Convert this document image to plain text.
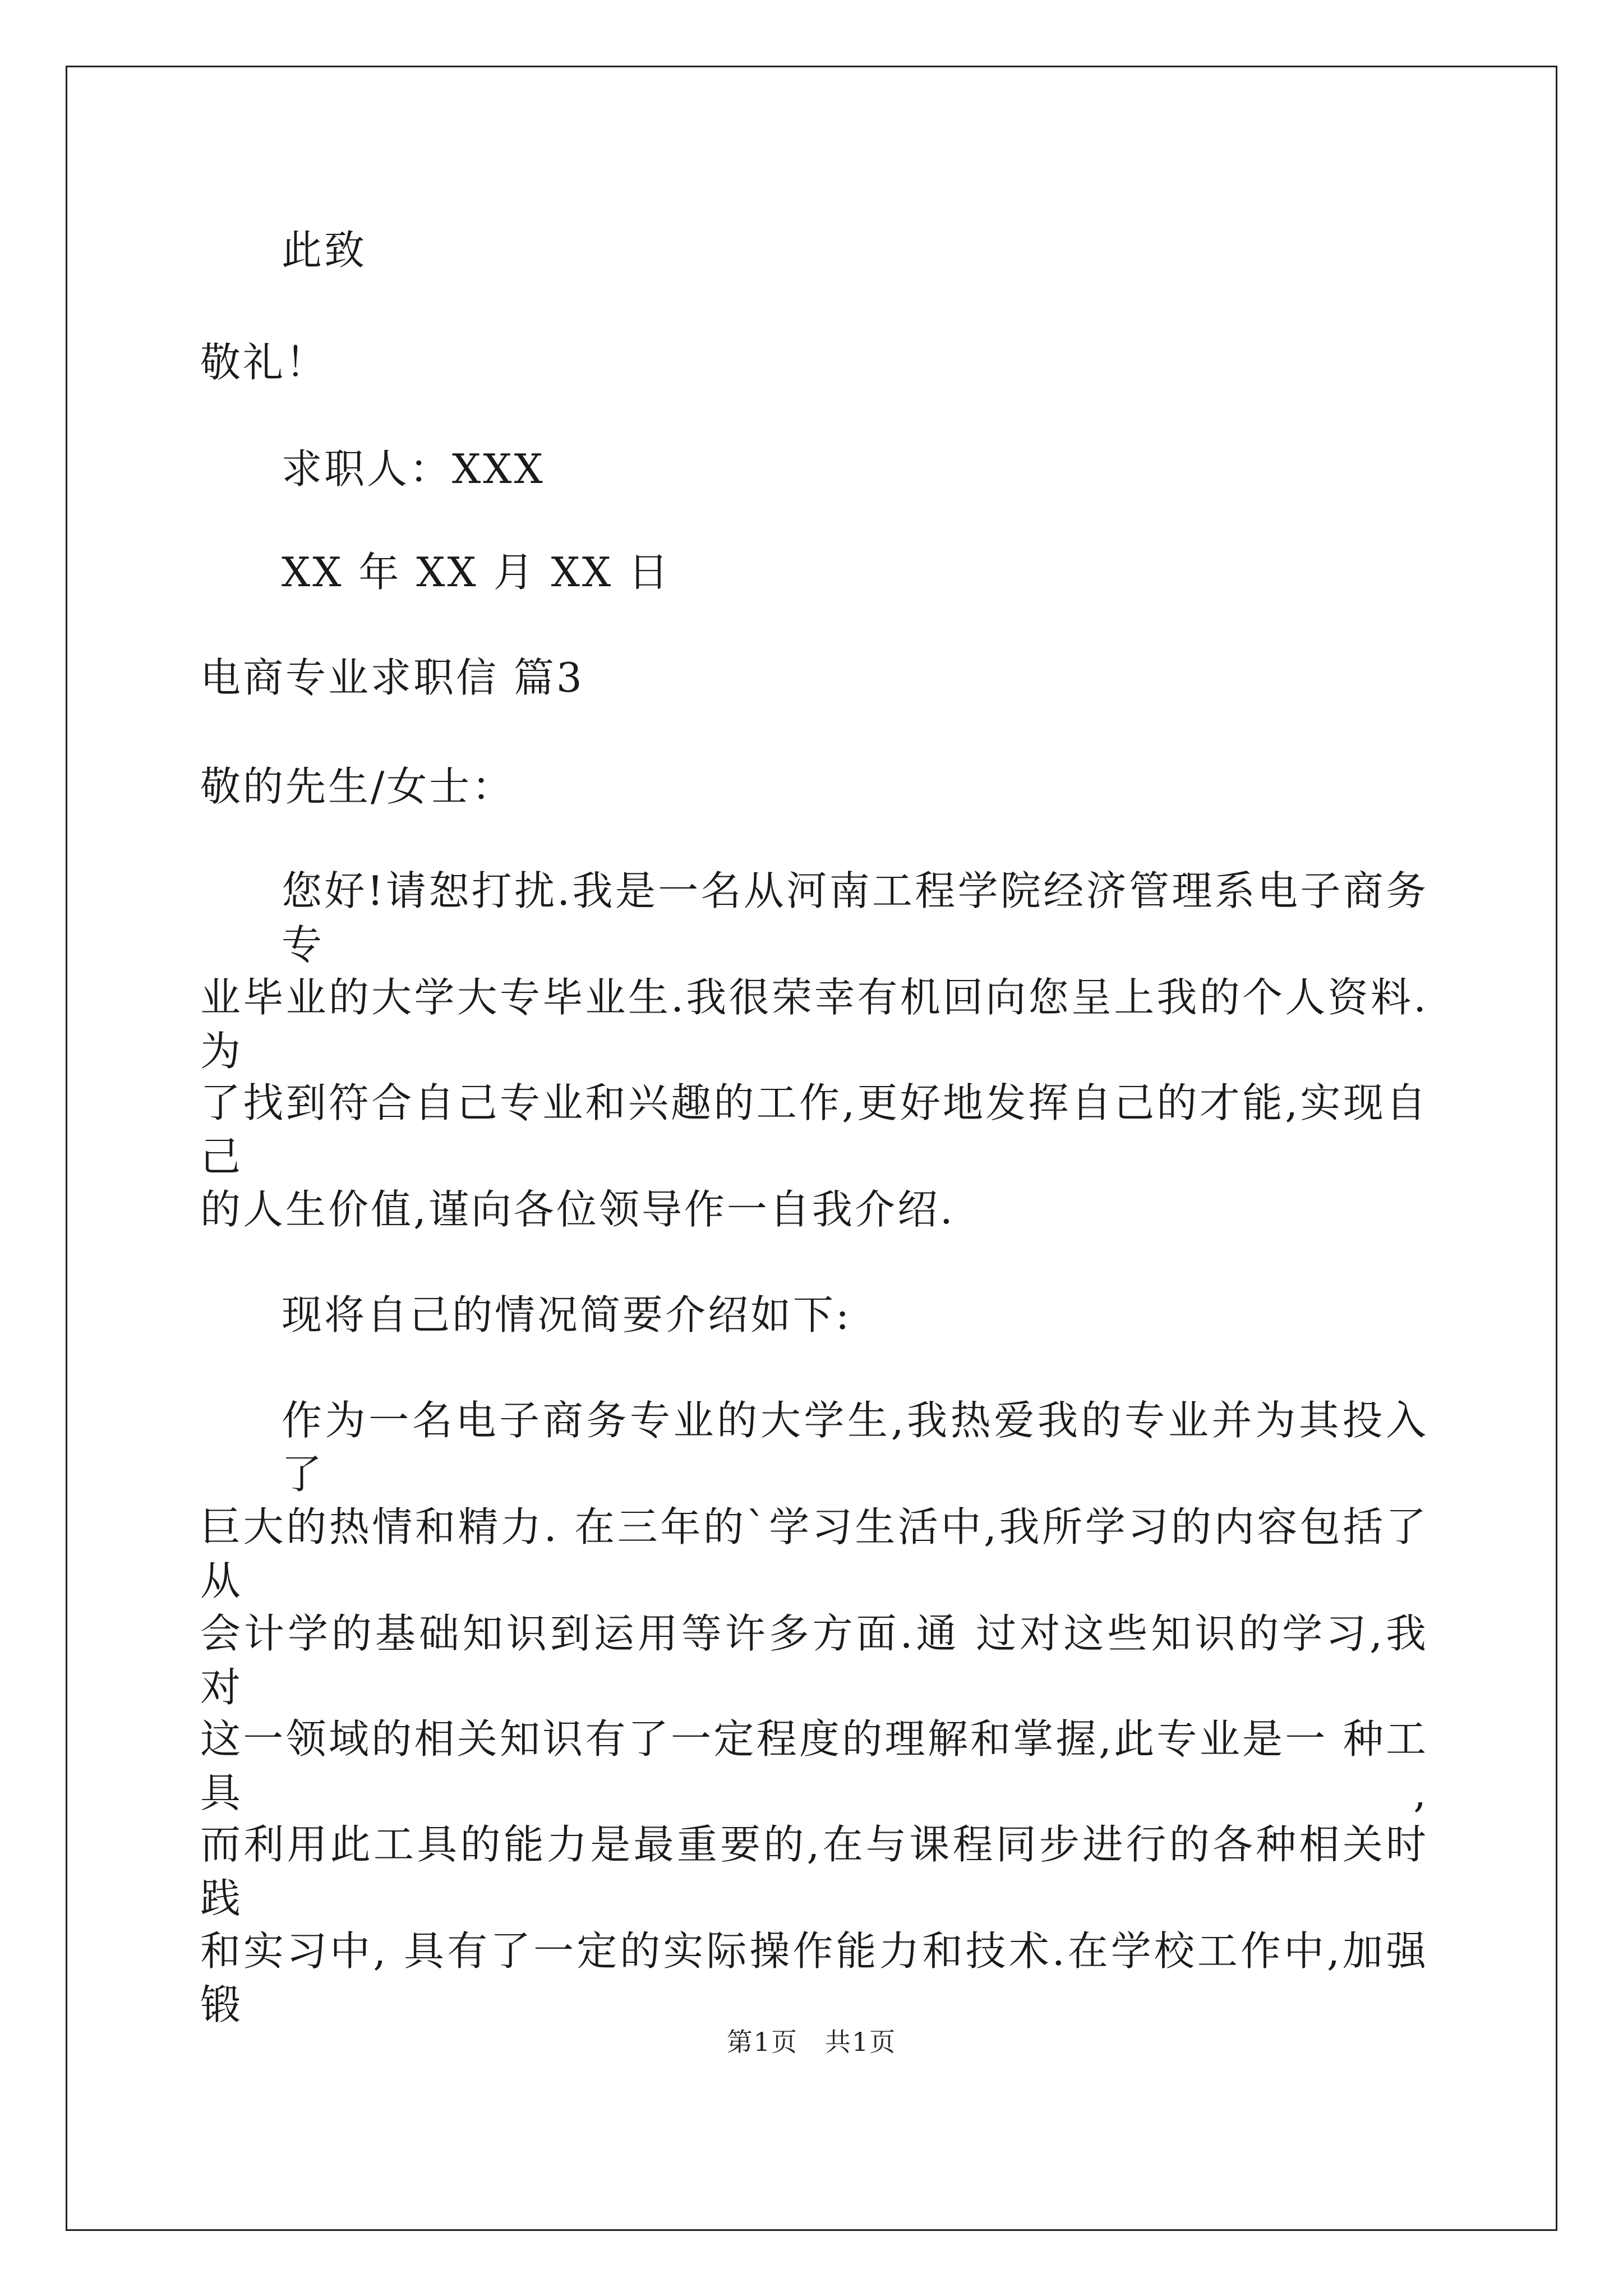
此致
敬礼！
求职人：XXX
XX 年 XX 月 XX 日
电商专业求职信 篇3
敬的先生/女士：
您好!请恕打扰.我是一名从河南工程学院经济管理系电子商务专
业毕业的大学大专毕业生.我很荣幸有机回向您呈上我的个人资料.为
了找到符合自己专业和兴趣的工作,更好地发挥自己的才能,实现自己
的人生价值,谨向各位领导作一自我介绍.
现将自己的情况简要介绍如下:
作为一名电子商务专业的大学生,我热爱我的专业并为其投入了
巨大的热情和精力. 在三年的`学习生活中,我所学习的内容包括了从
会计学的基础知识到运用等许多方面.通 过对这些知识的学习,我对
这一领域的相关知识有了一定程度的理解和掌握,此专业是一 种工具,
而利用此工具的能力是最重要的,在与课程同步进行的各种相关时践
和实习中, 具有了一定的实际操作能力和技术.在学校工作中,加强锻
第1页　共1页
